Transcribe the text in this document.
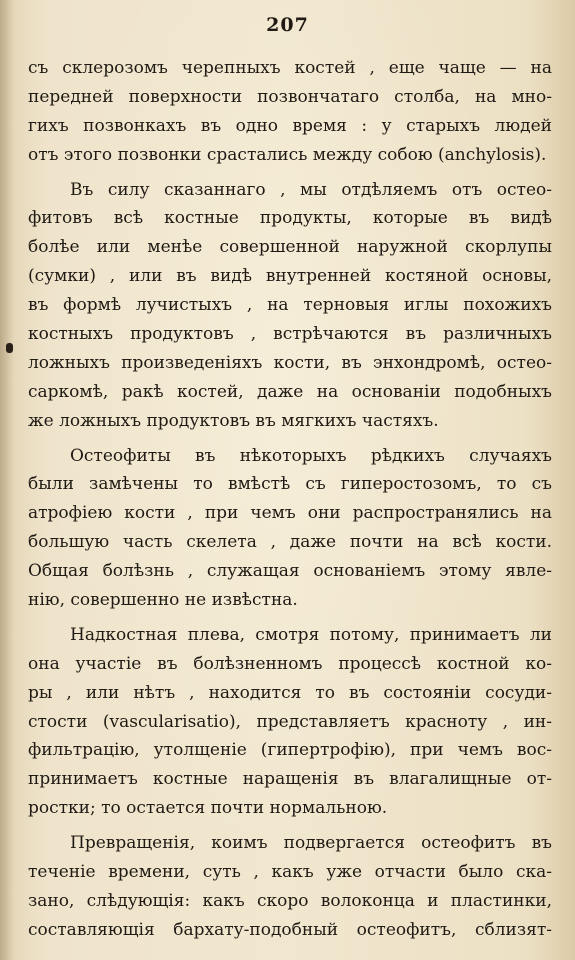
207
съ склерозомъ черепныхъ костей , еще чаще — на
передней поверхности позвончатаго столба, на мно-
гихъ позвонкахъ въ одно время : у старыхъ людей
отъ этого позвонки срастались между собою (anchylosis).
Въ силу сказаннаго , мы отдѣляемъ отъ остео-
фитовъ всѣ костные продукты, которые въ видѣ
болѣе или менѣе совершенной наружной скорлупы
(сумки) , или въ видѣ внутренней костяной основы,
въ формѣ лучистыхъ , на терновыя иглы похожихъ
костныхъ продуктовъ , встрѣчаются въ различныхъ
ложныхъ произведеніяхъ кости, въ энхондромѣ, остео-
саркомѣ, ракѣ костей, даже на основаніи подобныхъ
же ложныхъ продуктовъ въ мягкихъ частяхъ.
Остеофиты въ нѣкоторыхъ рѣдкихъ случаяхъ
были замѣчены то вмѣстѣ съ гиперостозомъ, то съ
атрофіею кости , при чемъ они распространялись на
большую часть скелета , даже почти на всѣ кости.
Общая болѣзнь , служащая основаніемъ этому явле-
нію, совершенно не извѣстна.
Надкостная плева, смотря потому, принимаетъ ли
она участіе въ болѣзненномъ процессѣ костной ко-
ры , или нѣтъ , находится то въ состояніи сосуди-
стости (vascularisatio), представляетъ красноту , ин-
фильтрацію, утолщеніе (гипертрофію), при чемъ вос-
принимаетъ костные наращенія въ влагалищные от-
ростки; то остается почти нормальною.
Превращенія, коимъ подвергается остеофитъ въ
теченіе времени, суть , какъ уже отчасти было ска-
зано, слѣдующія: какъ скоро волоконца и пластинки,
составляющія бархату-подобный остеофитъ, сблизят-
